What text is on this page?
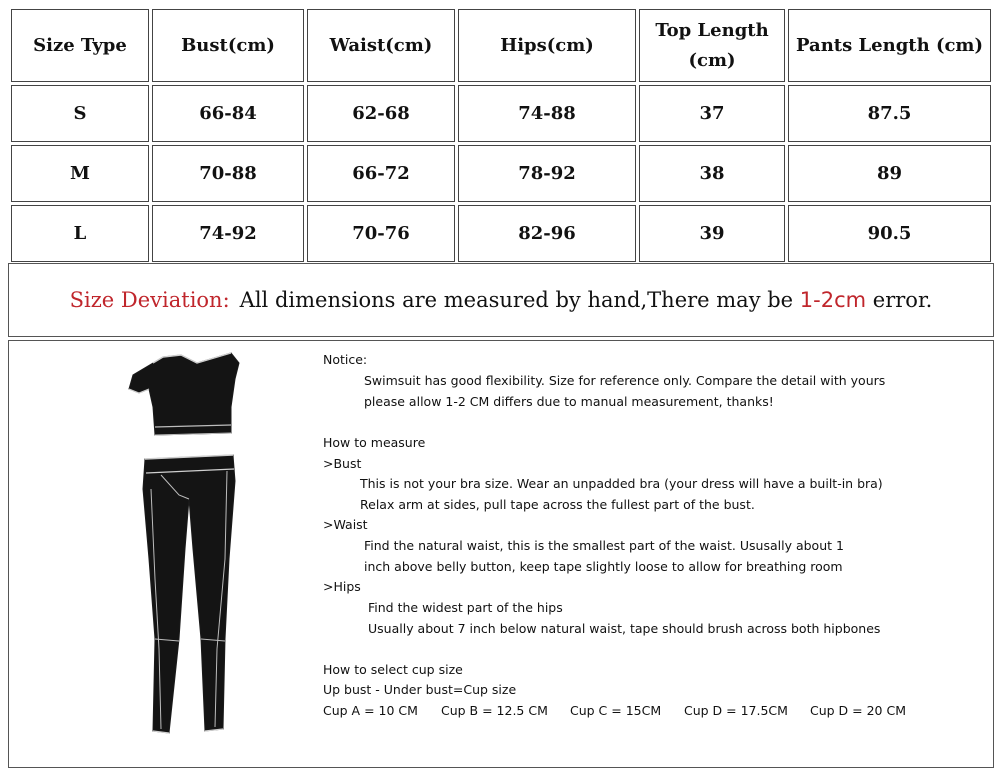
Size Type	Bust(cm)	Waist(cm)	Hips(cm)	Top Length (cm)	Pants Length (cm)
S	66-84	62-68	74-88	37	87.5
M	70-88	66-72	78-92	38	89
L	74-92	70-76	82-96	39	90.5
Size Deviation: All dimensions are measured by hand,There may be
1-2cm
error.
Notice:
Swimsuit has good flexibility. Size for reference only. Compare the detail with yours
please allow 1-2 CM differs due to manual measurement, thanks!
How to measure
>Bust
This is not your bra size. Wear an unpadded bra (your dress will have a built-in bra)
Relax arm at sides, pull tape across the fullest part of the bust.
>Waist
Find the natural waist, this is the smallest part of the waist. Ususally about 1
inch above belly button, keep tape slightly loose to allow for breathing room
>Hips
Find the widest part of the hips
Usually about 7 inch below natural waist, tape should brush across both hipbones
How to select cup size
Up bust - Under bust=Cup size
Cup A = 10 CM Cup B = 12.5 CM Cup C = 15CM Cup D = 17.5CM Cup D = 20 CM
